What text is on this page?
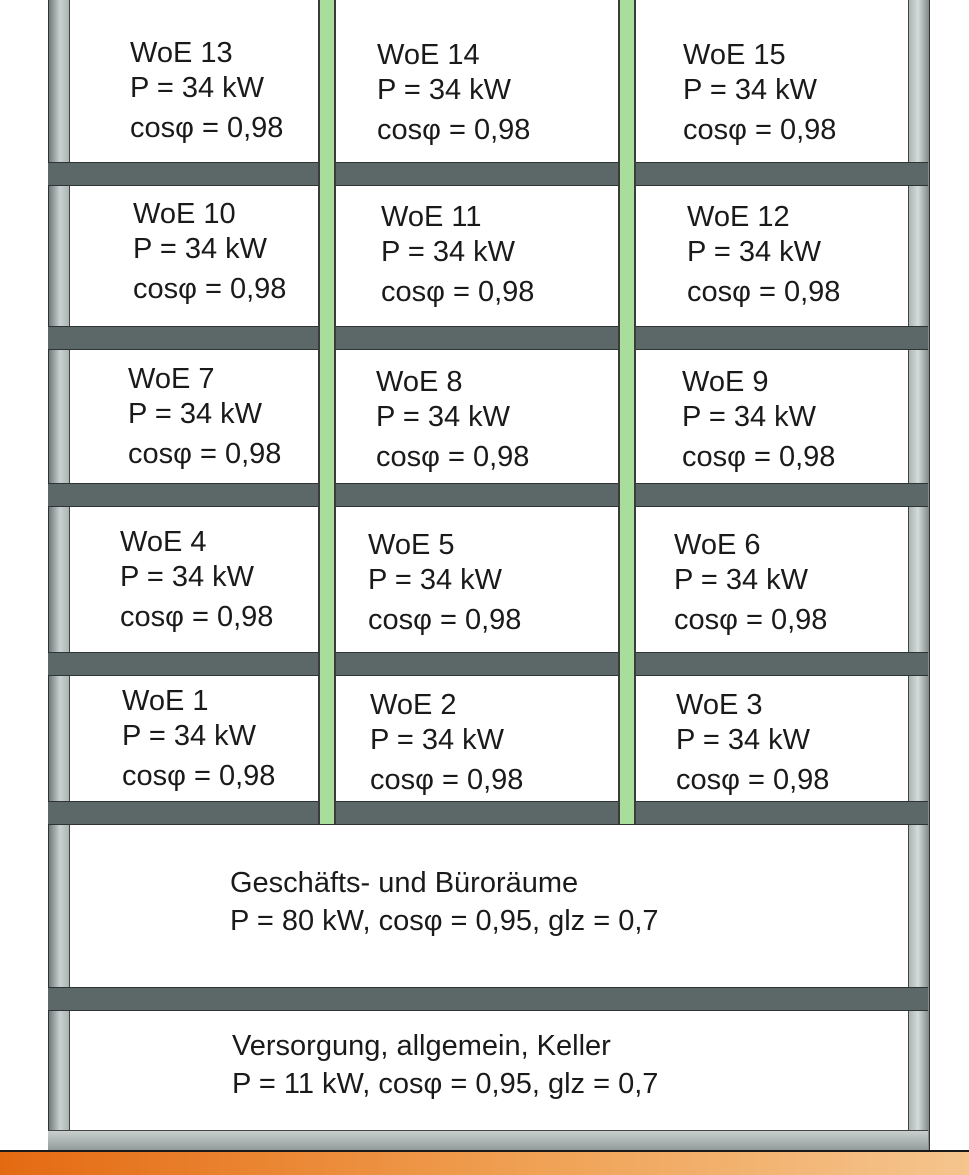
WoE 13
P = 34 kW
cosφ = 0,98
WoE 14
P = 34 kW
cosφ = 0,98
WoE 15
P = 34 kW
cosφ = 0,98
WoE 10
P = 34 kW
cosφ = 0,98
WoE 11
P = 34 kW
cosφ = 0,98
WoE 12
P = 34 kW
cosφ = 0,98
WoE 7
P = 34 kW
cosφ = 0,98
WoE 8
P = 34 kW
cosφ = 0,98
WoE 9
P = 34 kW
cosφ = 0,98
WoE 4
P = 34 kW
cosφ = 0,98
WoE 5
P = 34 kW
cosφ = 0,98
WoE 6
P = 34 kW
cosφ = 0,98
WoE 1
P = 34 kW
cosφ = 0,98
WoE 2
P = 34 kW
cosφ = 0,98
WoE 3
P = 34 kW
cosφ = 0,98
Geschäfts- und Büroräume
P = 80 kW, cosφ = 0,95, glz = 0,7
Versorgung, allgemein, Keller
P = 11 kW, cosφ = 0,95, glz = 0,7
